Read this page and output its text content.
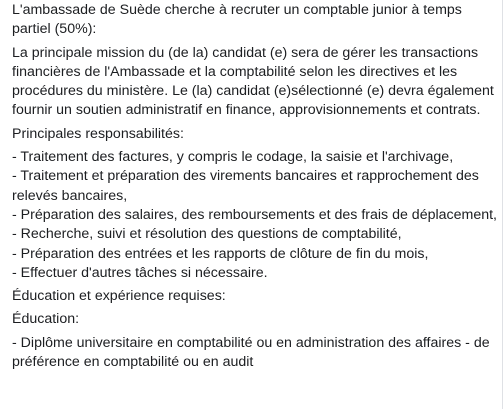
L'ambassade de Suède cherche à recruter un comptable junior à temps partiel (50%):

La principale mission du (de la) candidat (e) sera de gérer les transactions financières de l'Ambassade et la comptabilité selon les directives et les procédures du ministère. Le (la) candidat (e)sélectionné (e) devra également fournir un soutien administratif en finance, approvisionnements et contrats.

Principales responsabilités:

- Traitement des factures, y compris le codage, la saisie et l'archivage,
- Traitement et préparation des virements bancaires et rapprochement des relevés bancaires,
- Préparation des salaires, des remboursements et des frais de déplacement,
- Recherche, suivi et résolution des questions de comptabilité,
- Préparation des entrées et les rapports de clôture de fin du mois,
- Effectuer d'autres tâches si nécessaire.

Éducation et expérience requises:

Éducation:

- Diplôme universitaire en comptabilité ou en administration des affaires - de préférence en comptabilité ou en audit
